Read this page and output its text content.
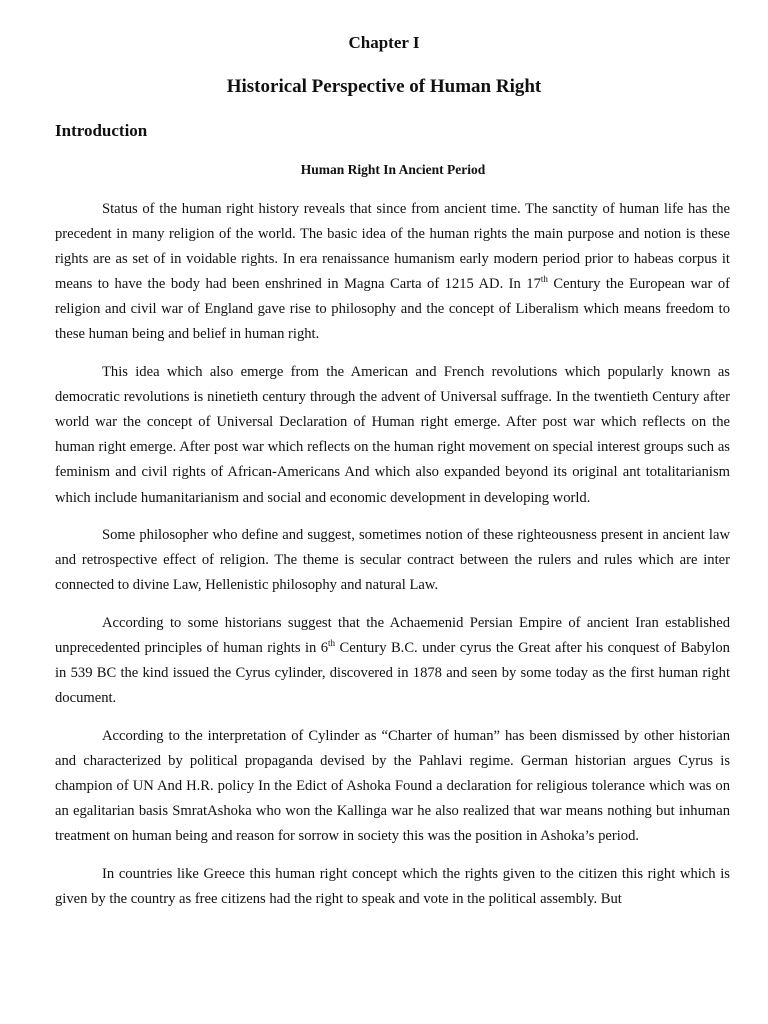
Chapter I
Historical Perspective of Human Right
Introduction
Human Right In Ancient Period

Status of the human right history reveals that since from ancient time. The sanctity of human life has the precedent in many religion of the world. The basic idea of the human rights the main purpose and notion is these rights are as set of in voidable rights. In era renaissance humanism early modern period prior to habeas corpus it means to have the body had been enshrined in Magna Carta of 1215 AD. In 17th Century the European war of religion and civil war of England gave rise to philosophy and the concept of Liberalism which means freedom to these human being and belief in human right.

This idea which also emerge from the American and French revolutions which popularly known as democratic revolutions is ninetieth century through the advent of Universal suffrage. In the twentieth Century after world war the concept of Universal Declaration of Human right emerge. After post war which reflects on the human right emerge. After post war which reflects on the human right movement on special interest groups such as feminism and civil rights of African-Americans And which also expanded beyond its original ant totalitarianism which include humanitarianism and social and economic development in developing world.

Some philosopher who define and suggest, sometimes notion of these righteousness present in ancient law and retrospective effect of religion. The theme is secular contract between the rulers and rules which are inter connected to divine Law, Hellenistic philosophy and natural Law.

According to some historians suggest that the Achaemenid Persian Empire of ancient Iran established unprecedented principles of human rights in 6th Century B.C. under cyrus the Great after his conquest of Babylon in 539 BC the kind issued the Cyrus cylinder, discovered in 1878 and seen by some today as the first human right document.

According to the interpretation of Cylinder as “Charter of human” has been dismissed by other historian and characterized by political propaganda devised by the Pahlavi regime. German historian argues Cyrus is champion of UN And H.R. policy In the Edict of Ashoka Found a declaration for religious tolerance which was on an egalitarian basis SmratAshoka who won the Kallinga war he also realized that war means nothing but inhuman treatment on human being and reason for sorrow in society this was the position in Ashoka’s period.

In countries like Greece this human right concept which the rights given to the citizen this right which is given by the country as free citizens had the right to speak and vote in the political assembly. But
